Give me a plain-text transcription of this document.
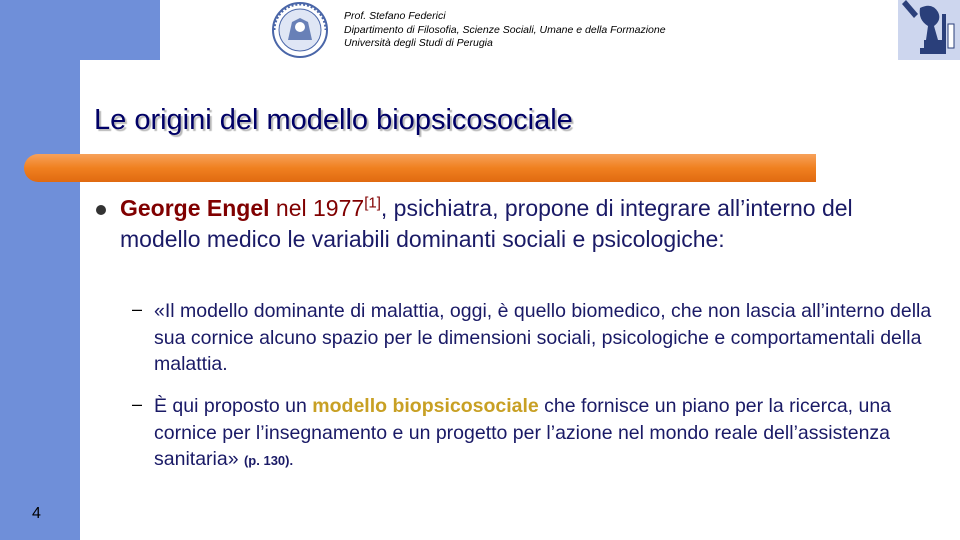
Prof. Stefano Federici
Dipartimento di Filosofia, Scienze Sociali, Umane e della Formazione
Università degli Studi di Perugia
Le origini del modello biopsicosociale
George Engel nel 1977[1], psichiatra, propone di integrare all’interno del modello medico le variabili dominanti sociali e psicologiche:
– «Il modello dominante di malattia, oggi, è quello biomedico, che non lascia all’interno della sua cornice alcuno spazio per le dimensioni sociali, psicologiche e comportamentali della malattia.
– È qui proposto un modello biopsicosociale che fornisce un piano per la ricerca, una cornice per l’insegnamento e un progetto per l’azione nel mondo reale dell’assistenza sanitaria» (p. 130).
4
